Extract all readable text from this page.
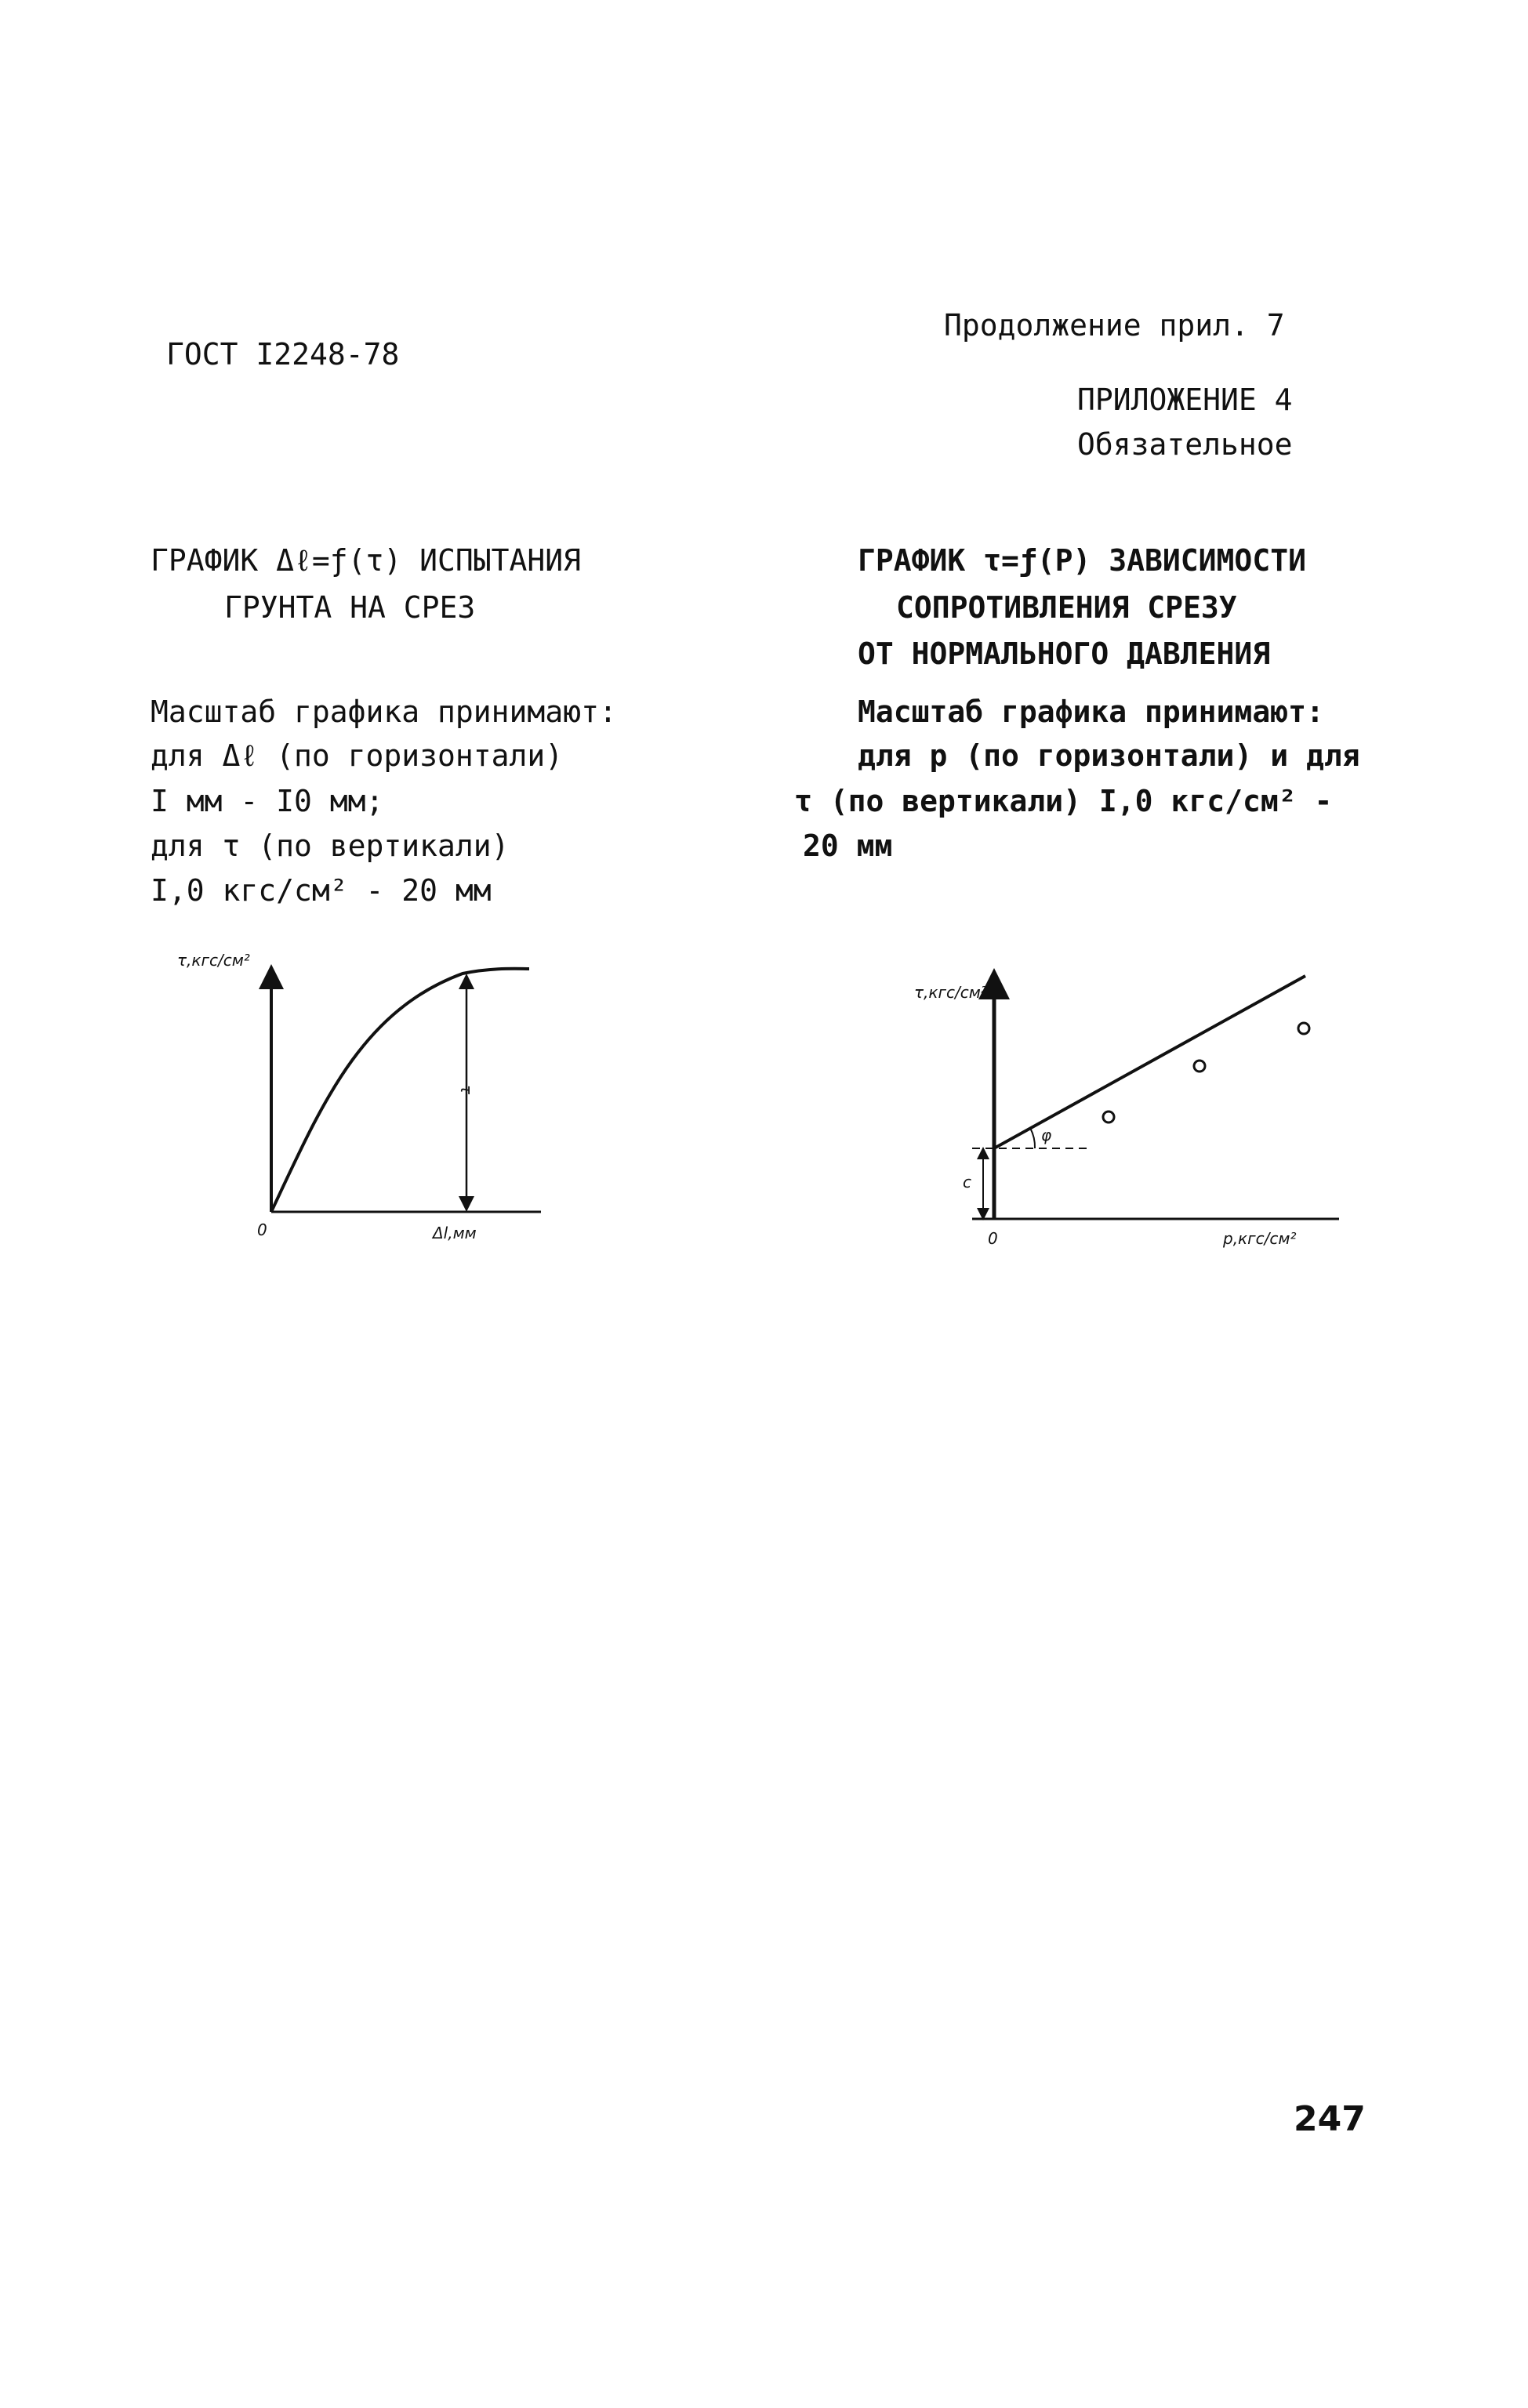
ГОСТ I2248-78
Продолжение прил. 7
ПРИЛОЖЕНИЕ 4
Обязательное
ГРАФИК Δℓ=ƒ(τ) ИСПЫТАНИЯ
ГРУНТА НА СРЕЗ
Масштаб графика принимают:
для Δℓ (по горизонтали)
I мм - I0 мм;
для τ (по вертикали)
I,0 кгс/см² - 20 мм
τ,кгс/см²
0	Δl,мм
τ
ГРАФИК τ=ƒ(P) ЗАВИСИМОСТИ
СОПРОТИВЛЕНИЯ СРЕЗУ
ОТ НОРМАЛЬНОГО ДАВЛЕНИЯ
Масштаб графика принимают:
для р (по горизонтали) и для
τ (по вертикали) I,0 кгс/см² -
20 мм
τ,кгс/см²
0	р,кгс/см²
φ
с
247
